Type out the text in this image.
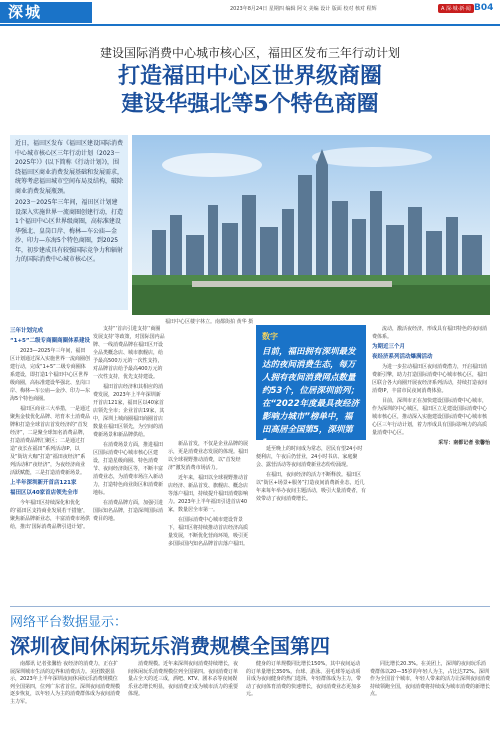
深城	2023年8月24日 星期四 编辑 阿文 美编 设计 版面 校对 核对 程辉	A 深·城·新·闻 B04
建设国际消费中心城市核心区，福田区发布三年行动计划
打造福田中心区世界级商圈
建设华强北等5个特色商圈

近日，福田区发布《福田区建设国际消费中心城市核心区三年行动计划（2023－2025年）》(以下简称《行动计划》)，围绕福田区商业消费发展基础和发展需求，统筹考虑福田城市空间布局及结构，破除商业消费发展瓶颈。

2023－2025年三年间，福田区计划建设深入实施世界一流商圈创建行动，打造1个福田中心区世界级商圈，高标准建设华强北、皇岗口岸、梅林—车公庙—金沙、印力—东海5个特色商圈，到2025年，初步建成具有较强国际竞争力和辐射力的国际消费中心城市核心区。

福田中心区楼宇林立。南都街拍 黄华 摄
三年计划完成
“1+5”二级专商圈商圈体系建设

2023—2025年三年间，福田区计划通过深入实施世界一流商圈创建行动，完成“1+5”二级专商圈体系建设，即打造1个福田中心区世界级商圈，高标准建设华强北、皇岗口岸、梅林—车公庙—金沙、印力—东海5个特色商圈。

福田区商业三大举措，一是通过聚焦金枝优化品牌、培育本土消费品牌和打造全球首店首发经济的“首发经济”，二是聚全球知名消费品牌，打造消费品牌汇聚区；二是通过打造“夜长在福田”系列活动IP，以及“街坊大咖”打造“福田夜经济”系列活动和“夜经济”，为夜经济商业活跃赋能，三是打造消费新场景。

上半年深圳新开首店121家
福田区以40家首店领先全市

今年福田区持续深化和优化的‘福田区支持商业发展若干措施’，聚焦新品牌新业态，丰富消费市场供给，推出‘国际消费品牌引进计划’。

支持“‘首店引进支持’‘商圈发展支持’等政策，对国际国内品牌、一线消费品牌在福田区开设全品类概念店、城市旗舰店，给予最高500万元的一次性支持，对品牌首店给予最高400万元的一次性支持，优先支持建设。

福田首店经济和其相应的消费发展，2023年上半年深圳新开首店121家，福田区以40家首店领先全市；企业首店19家，其中，深圳上城商圈福田商圈首店数量在福田区领先，为空间的消费新场景和新品牌供给。

在消费场景方面，推进福田区国际消费中心城市核心区建设，打造星级商圈、特色消费节、夜间经济街区等，不断丰富消费业态，为消费市场注入新动力，打造特色商业街区和消费新地标。

在消费品牌方面，加强引进国际知名品牌，打造深圳国际消费目的地。

新品首发，不仅是企业品牌的展示，更是消费业态发展的体现。福田以全球视野推动消费，以“首发经济”激发消费市场活力。

近年来，福田以全球视野推动首店经济、新品首发、旗舰店、概念店等落户福田，持续提升福田消费影响力。2023年上半年福田引进首店40家，数量居全市第一。

在国际消费中心城市建设背景下，福田区将持续推动首店经济高质量发展，不断优化营商环境，吸引更多国际国内知名品牌首店落户福田。

数字
目前，福田拥有深圳最发达的夜间消费生态，每万人拥有夜间消费网点数量约53个，位居深圳前列；在“2022年度最具夜经济影响力城市”榜单中，福田高居全国第5，深圳第1。

延至晚上的时间成为常态，居民有望24小时便利店，午夜后仍营业，24小时书店、家庭聚会、露营活动等夜间消费新业态纷纷涌现。

在福田，夜间经济的活力不断释放。福田区以“街区+场景+服务”打造夜间消费新业态，近几年来每年举办夜间主题活动，吸引大量消费者，有效带动了夜间消费增长。

流动，激活夜经济，形成具有福田特色的夜间消费体系。

为期近三个月
夜经济系列活动爆满活动

为进一步拉动福田区夜间消费潜力，开启福田消费新引擎，助力打造国际消费中心城市核心区，福田区联合各大商圈开展夜经济系列活动，持续打造夜间消费IP，丰富市民夜间消费体验。

目前，深圳市正在加快建设国际消费中心城市，作为深圳的中心城区，福田区立足建设国际消费中心城市核心区，推动深入实施建设国际消费中心城市核心区三年行动计划，着力形成具有国际影响力的高质量消费中心区。

采写：南都记者 张馨怡

网络平台数据显示：
深圳夜间休闲玩乐消费规模全国第四

南都讯 记者张馨怡 夜经济的消费力，正在扩展深圳城市生活的边界和消费活力。美团数据显示，2023年上半年深圳夜间休闲玩乐消费规模位列全国第四，位列广东省首位。深圳夜间消费规模逐步恢复，以年轻人为主的消费群体成为夜间消费主力军。

消费规模。近年来深圳夜间消费持续增长，夜间休闲玩乐消费规模位列全国第四。夜间消费订单量占全天的近三成，酒吧、KTV、剧本杀等夜间娱乐业态增长明显，夜间消费正成为城市活力的重要体现。

健身的订单规模同比增长150%，其中夜间运动的订单量增长350%。台球、游泳、羽毛球等运动项目成为夜间健身的热门选择，年轻群体成为主力，带动了夜间体育消费的快速增长，夜间消费业态更加多元。

同比增长20.3%。在美团上，深圳的夜间玩乐消费群体以20—35岁的年轻人为主，占比达72%。深圳作为全国首个城市，年轻人带来的活力让深圳夜间消费持续领跑全国，夜间消费将持续成为城市消费的新增长点。
